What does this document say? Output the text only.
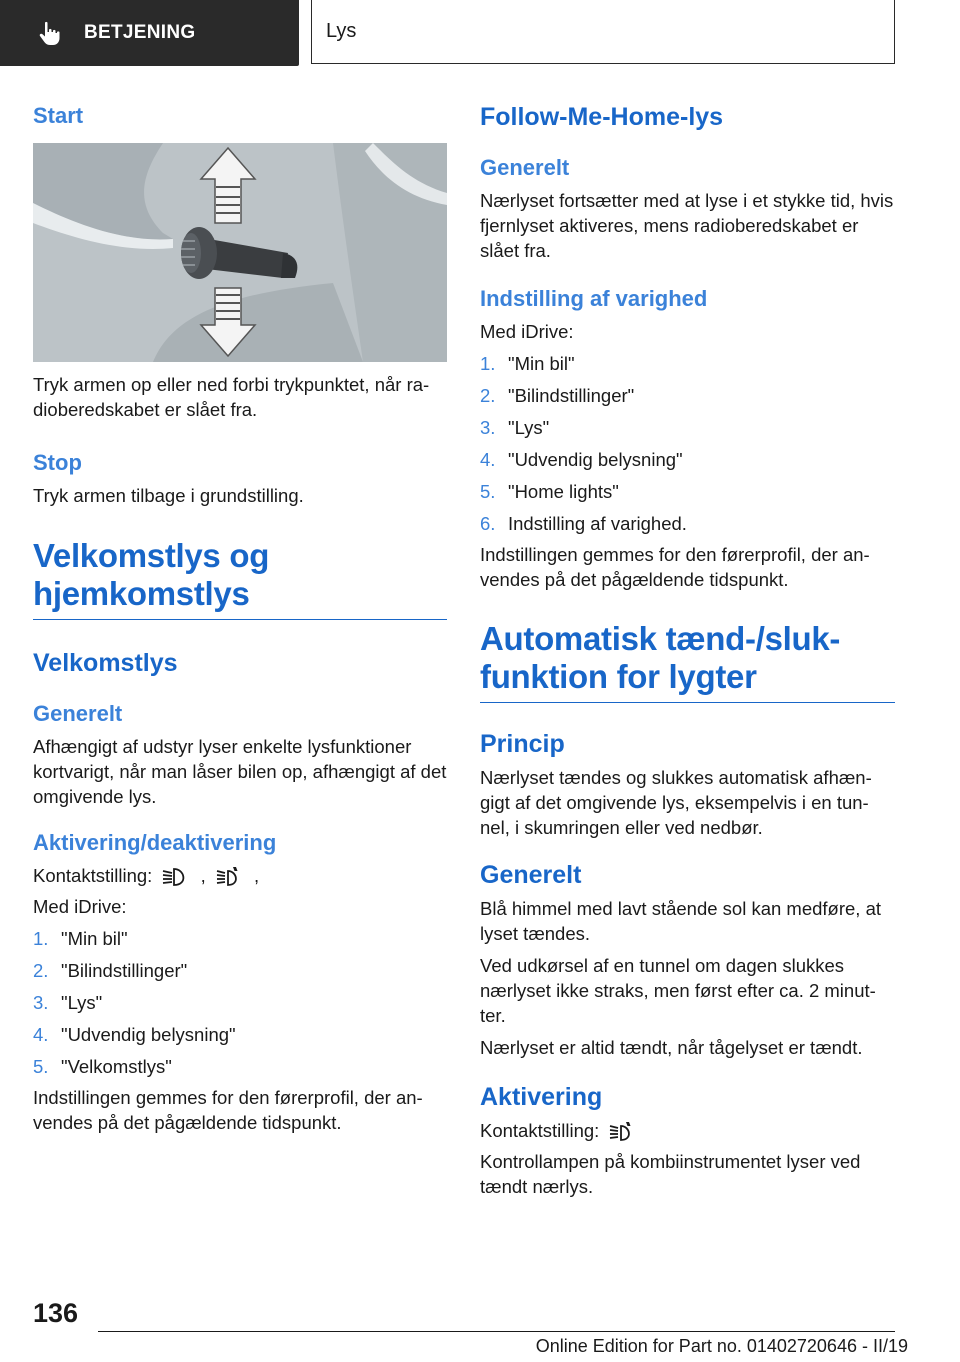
BETJENING	Lys
Start

Tryk armen op eller ned forbi trykpunktet, når ra-dioberedskabet er slået fra.

Stop

Tryk armen tilbage i grundstilling.

Velkomstlys og hjemkomstlys
Velkomstlys
Generelt

Afhængigt af udstyr lyser enkelte lysfunktioner kortvarigt, når man låser bilen op, afhængigt af det omgivende lys.

Aktivering/deaktivering

Kontaktstilling:	,	,

Med iDrive:

1. "Min bil"
2. "Bilindstillinger"
3. "Lys"
4. "Udvendig belysning"
5. "Velkomstlys"

Indstillingen gemmes for den førerprofil, der an-vendes på det pågældende tidspunkt.

Follow-Me-Home-lys
Generelt

Nærlyset fortsætter med at lyse i et stykke tid, hvis fjernlyset aktiveres, mens radioberedskabet er slået fra.

Indstilling af varighed

Med iDrive:

1. "Min bil"
2. "Bilindstillinger"
3. "Lys"
4. "Udvendig belysning"
5. "Home lights"
6. Indstilling af varighed.

Indstillingen gemmes for den førerprofil, der an-vendes på det pågældende tidspunkt.

Automatisk tænd-/sluk-funktion for lygter
Princip

Nærlyset tændes og slukkes automatisk afhæn-gigt af det omgivende lys, eksempelvis i en tun-nel, i skumringen eller ved nedbør.

Generelt

Blå himmel med lavt stående sol kan medføre, at lyset tændes.

Ved udkørsel af en tunnel om dagen slukkes nærlyset ikke straks, men først efter ca. 2 minut-ter.

Nærlyset er altid tændt, når tågelyset er tændt.

Aktivering

Kontaktstilling:

Kontrollampen på kombiinstrumentet lyser ved tændt nærlys.

136
Online Edition for Part no. 01402720646 - II/19
